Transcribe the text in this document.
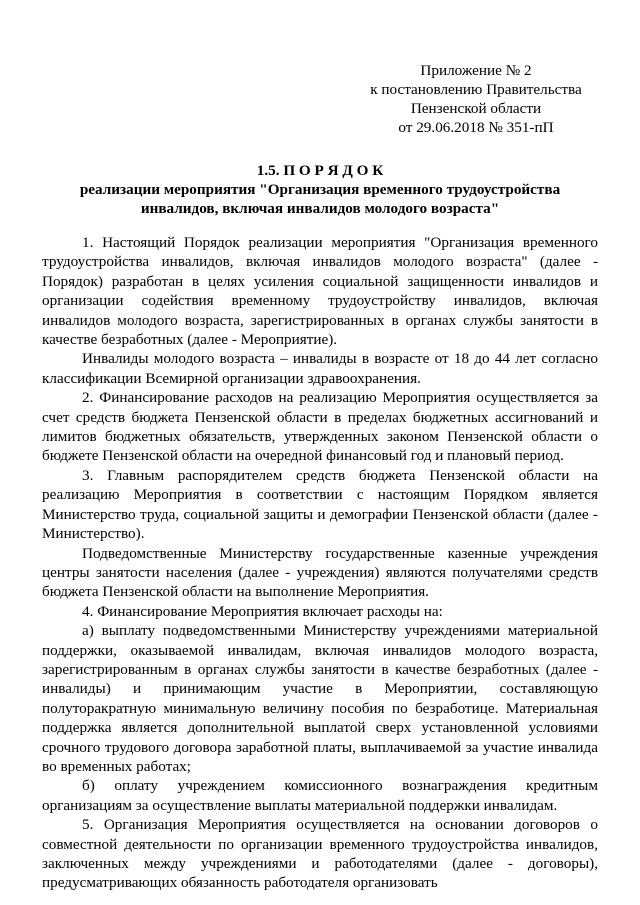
Приложение № 2
к постановлению Правительства
Пензенской области
от 29.06.2018 № 351-пП
1.5. П О Р Я Д О К
реализации мероприятия "Организация временного трудоустройства
инвалидов, включая инвалидов молодого возраста"

1. Настоящий Порядок реализации мероприятия "Организация временного трудоустройства инвалидов, включая инвалидов молодого возраста" (далее - Порядок) разработан в целях усиления социальной защищенности инвалидов и организации содействия временному трудоустройству инвалидов, включая инвалидов молодого возраста, зарегистрированных в органах службы занятости в качестве безработных (далее - Мероприятие).

Инвалиды молодого возраста – инвалиды в возрасте от 18 до 44 лет согласно классификации Всемирной организации здравоохранения.

2. Финансирование расходов на реализацию Мероприятия осуществляется за счет средств бюджета Пензенской области в пределах бюджетных ассигнований и лимитов бюджетных обязательств, утвержденных законом Пензенской области о бюджете Пензенской области на очередной финансовый год и плановый период.

3. Главным распорядителем средств бюджета Пензенской области на реализацию Мероприятия в соответствии с настоящим Порядком является Министерство труда, социальной защиты и демографии Пензенской области (далее - Министерство).

Подведомственные Министерству государственные казенные учреждения центры занятости населения (далее - учреждения) являются получателями средств бюджета Пензенской области на выполнение Мероприятия.

4. Финансирование Мероприятия включает расходы на:

а) выплату подведомственными Министерству учреждениями материальной поддержки, оказываемой инвалидам, включая инвалидов молодого возраста, зарегистрированным в органах службы занятости в качестве безработных (далее - инвалиды) и принимающим участие в Мероприятии, составляющую полуторакратную минимальную величину пособия по безработице. Материальная поддержка является дополнительной выплатой сверх установленной условиями срочного трудового договора заработной платы, выплачиваемой за участие инвалида во временных работах;

б) оплату учреждением комиссионного вознаграждения кредитным организациям за осуществление выплаты материальной поддержки инвалидам.

5. Организация Мероприятия осуществляется на основании договоров о совместной деятельности по организации временного трудоустройства инвалидов, заключенных между учреждениями и работодателями (далее - договоры), предусматривающих обязанность работодателя организовать
